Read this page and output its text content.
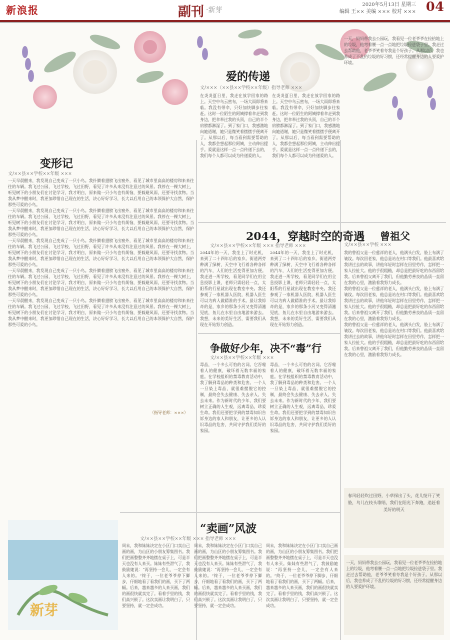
新浪报	副刊 ·新芽
2020年5月13日 星期三
编辑 王×× 美编 ××× 校对 ××× 04
爱的传递
文/×××（××县××学校××年级）指导老师 ×××
在炎炎夏日里，我走在放学回家的路上。天空中乌云密布，一场大雨即将来临。我没有带伞，只好加快脚步往家赶。这时一位陌生的阿姨撑着伞走到我身边，把伞举过我的头顶，自己的半个肩膀都淋湿了。到了家门口，我感激地向她道谢，她只是微笑着摆摆手便离开了。从那以后，每当看到需要帮助的人，我都会想起那位阿姨，主动伸出援手。爱就是这样一点一点传递下去的，我们每个人都可以成为传递爱的人。
在炎炎夏日里，我走在放学回家的路上。天空中乌云密布，一场大雨即将来临。我没有带伞，只好加快脚步往家赶。这时一位陌生的阿姨撑着伞走到我身边，把伞举过我的头顶，自己的半个肩膀都淋湿了。到了家门口，我感激地向她道谢，她只是微笑着摆摆手便离开了。从那以后，每当看到需要帮助的人，我都会想起那位阿姨，主动伸出援手。爱就是这样一点一点传递下去的，我们每个人都可以成为传递爱的人。
一天，妈妈带我去公园玩，我看见一位老爷爷在捡拾地上的垃圾，他弯着腰一点一点地把垃圾捡进袋子里。我走过去帮助他，老爷爷笑着夸我是个好孩子。从那以后，我也养成了不乱扔垃圾的好习惯，还经常提醒身边的人要爱护环境。
变形记
文/××县××学校××年级 ×××
一天早晨醒来，我发现自己变成了一只小鸟。我扑腾着翅膀飞出窗外，看见了城市里高高的楼房和来来往往的车辆。我飞过公园，飞过学校，飞过田野，看见了许多从来没有注意过的风景。我停在一棵大树上，听见树下的小朋友们在讨论学习，我才明白，原来做一只小鸟也有烦恼，要躲避风雨，还要寻找食物。当我从梦中醒来时，我更加珍惜自己现在的生活，决心好好学习，长大以后用自己的本领保护大自然，保护那些可爱的小鸟。
一天早晨醒来，我发现自己变成了一只小鸟。我扑腾着翅膀飞出窗外，看见了城市里高高的楼房和来来往往的车辆。我飞过公园，飞过学校，飞过田野，看见了许多从来没有注意过的风景。我停在一棵大树上，听见树下的小朋友们在讨论学习，我才明白，原来做一只小鸟也有烦恼，要躲避风雨，还要寻找食物。当我从梦中醒来时，我更加珍惜自己现在的生活，决心好好学习，长大以后用自己的本领保护大自然，保护那些可爱的小鸟。
一天早晨醒来，我发现自己变成了一只小鸟。我扑腾着翅膀飞出窗外，看见了城市里高高的楼房和来来往往的车辆。我飞过公园，飞过学校，飞过田野，看见了许多从来没有注意过的风景。我停在一棵大树上，听见树下的小朋友们在讨论学习，我才明白，原来做一只小鸟也有烦恼，要躲避风雨，还要寻找食物。当我从梦中醒来时，我更加珍惜自己现在的生活，决心好好学习，长大以后用自己的本领保护大自然，保护那些可爱的小鸟。
一天早晨醒来，我发现自己变成了一只小鸟。我扑腾着翅膀飞出窗外，看见了城市里高高的楼房和来来往往的车辆。我飞过公园，飞过学校，飞过田野，看见了许多从来没有注意过的风景。我停在一棵大树上，听见树下的小朋友们在讨论学习，我才明白，原来做一只小鸟也有烦恼，要躲避风雨，还要寻找食物。当我从梦中醒来时，我更加珍惜自己现在的生活，决心好好学习，长大以后用自己的本领保护大自然，保护那些可爱的小鸟。
一天早晨醒来，我发现自己变成了一只小鸟。我扑腾着翅膀飞出窗外，看见了城市里高高的楼房和来来往往的车辆。我飞过公园，飞过学校，飞过田野，看见了许多从来没有注意过的风景。我停在一棵大树上，听见树下的小朋友们在讨论学习，我才明白，原来做一只小鸟也有烦恼，要躲避风雨，还要寻找食物。当我从梦中醒来时，我更加珍惜自己现在的生活，决心好好学习，长大以后用自己的本领保护大自然，保护那些可爱的小鸟。
（指导老师：×××）
2044，穿越时空的奇遇
文/××县××学校××年级 ××× 指导老师 ×××
2044年的一天，我坐上了时光机，来到了二十四年后的家乡。街道两旁种满了绿树，天空中飞行着各种各样的汽车，人们的生活变得更加方便。我走进一所学校，看见同学们在用全息投影上课，老师只需轻轻一点，太阳系的行星就出现在教室中央。我还参观了一家机器人医院，机器人医生可以为病人做精准的手术。最让我惊奇的是，家乡的那条小河又变得清澈见底，鱼儿在水里自由地游来游去。我想，未来的美好生活，需要我们从现在开始努力创造。
2044年的一天，我坐上了时光机，来到了二十四年后的家乡。街道两旁种满了绿树，天空中飞行着各种各样的汽车，人们的生活变得更加方便。我走进一所学校，看见同学们在用全息投影上课，老师只需轻轻一点，太阳系的行星就出现在教室中央。我还参观了一家机器人医院，机器人医生可以为病人做精准的手术。最让我惊奇的是，家乡的那条小河又变得清澈见底，鱼儿在水里自由地游来游去。我想，未来的美好生活，需要我们从现在开始努力创造。
争做好少年，决不“毒”行
文/××县××学校××年级 ×××
毒品，一个多么可怕的名词。它吞噬着人的健康，破坏着无数幸福的家庭。在学校组织的禁毒教育活动中，我了解到毒品的种类和危害。一个人一旦染上毒品，就很难摆脱它的控制，最终会失去健康、失去亲人、失去未来。作为新时代的少年，我们要树立正确的人生观，远离毒品，珍爱生命。我们还要把学到的禁毒知识告诉身边的家人和朋友，让更多的人认识毒品的危害，共同守护我们美好的家园。
毒品，一个多么可怕的名词。它吞噬着人的健康，破坏着无数幸福的家庭。在学校组织的禁毒教育活动中，我了解到毒品的种类和危害。一个人一旦染上毒品，就很难摆脱它的控制，最终会失去健康、失去亲人、失去未来。作为新时代的少年，我们要树立正确的人生观，远离毒品，珍爱生命。我们还要把学到的禁毒知识告诉身边的家人和朋友，让更多的人认识毒品的危害，共同守护我们美好的家园。
曾祖父
文/××县××学校 ×××
我的曾祖父是一位慈祥的老人，他满头白发，脸上布满了皱纹。每次回老家，他总是站在村口等我们。他最喜欢给我讲过去的故事，讲他年轻时怎样在田里劳作，怎样把一家人拉扯大。他的手很粗糙，却总是把最好吃的东西留给我。后来曾祖父离开了我们，但他勤劳善良的品质一直留在我的心里，激励着我努力成长。
我的曾祖父是一位慈祥的老人，他满头白发，脸上布满了皱纹。每次回老家，他总是站在村口等我们。他最喜欢给我讲过去的故事，讲他年轻时怎样在田里劳作，怎样把一家人拉扯大。他的手很粗糙，却总是把最好吃的东西留给我。后来曾祖父离开了我们，但他勤劳善良的品质一直留在我的心里，激励着我努力成长。
我的曾祖父是一位慈祥的老人，他满头白发，脸上布满了皱纹。每次回老家，他总是站在村口等我们。他最喜欢给我讲过去的故事，讲他年轻时怎样在田里劳作，怎样把一家人拉扯大。他的手很粗糙，却总是把最好吃的东西留给我。后来曾祖父离开了我们，但他勤劳善良的品质一直留在我的心里，激励着我努力成长。
春风轻轻吹过田野，小草探出了头，花儿绽开了笑脸，鸟儿在枝头歌唱，我们在阳光下奔跑，追赶着美好的明天
新芽
“卖画”风波
文/××县××学校××年级 ××× 指导老师 ×××
周末，我和妹妹决定在小区门口卖自己画的画，为山区的小朋友筹集图书。我们把画整整齐齐地摆在桌子上，可是半天也没有人来买。妹妹有些泄气了，我鼓励她说：“再坚持一会儿，一定会有人来的。”终于，一位老爷爷停下脚步，仔细地看了看我们的画，买下了两幅。后来，越来越多的人来买画，我们的画很快就卖完了。看着手里的钱，我们高兴极了。这次卖画让我明白了，只要坚持，就一定会成功。
周末，我和妹妹决定在小区门口卖自己画的画，为山区的小朋友筹集图书。我们把画整整齐齐地摆在桌子上，可是半天也没有人来买。妹妹有些泄气了，我鼓励她说：“再坚持一会儿，一定会有人来的。”终于，一位老爷爷停下脚步，仔细地看了看我们的画，买下了两幅。后来，越来越多的人来买画，我们的画很快就卖完了。看着手里的钱，我们高兴极了。这次卖画让我明白了，只要坚持，就一定会成功。
周末，我和妹妹决定在小区门口卖自己画的画，为山区的小朋友筹集图书。我们把画整整齐齐地摆在桌子上，可是半天也没有人来买。妹妹有些泄气了，我鼓励她说：“再坚持一会儿，一定会有人来的。”终于，一位老爷爷停下脚步，仔细地看了看我们的画，买下了两幅。后来，越来越多的人来买画，我们的画很快就卖完了。看着手里的钱，我们高兴极了。这次卖画让我明白了，只要坚持，就一定会成功。
一天，妈妈带我去公园玩，我看见一位老爷爷在捡拾地上的垃圾，他弯着腰一点一点地把垃圾捡进袋子里。我走过去帮助他，老爷爷笑着夸我是个好孩子。从那以后，我也养成了不乱扔垃圾的好习惯，还经常提醒身边的人要爱护环境。
